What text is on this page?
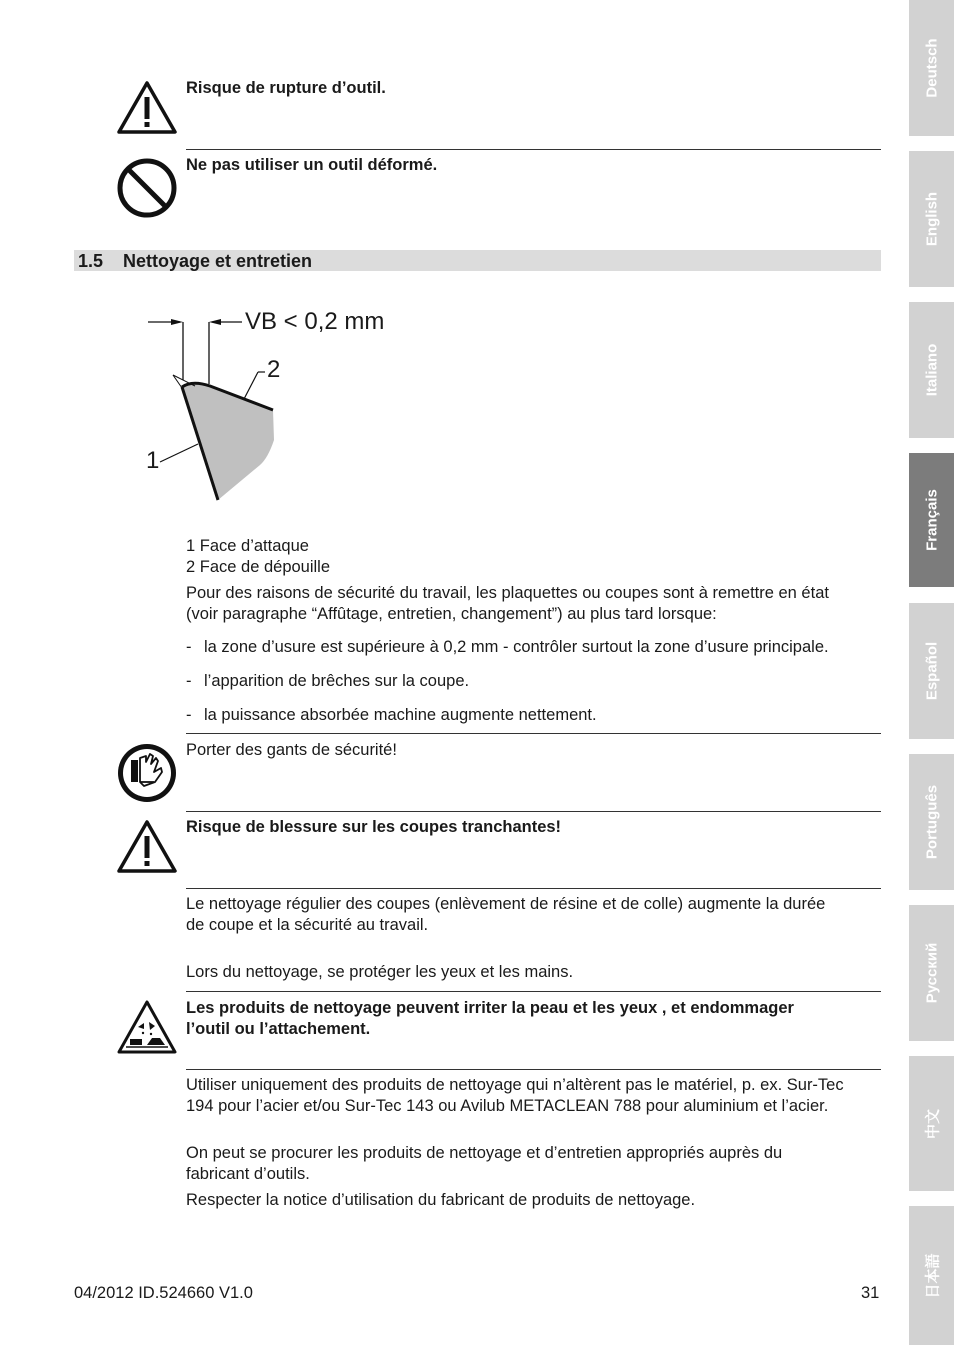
Deutsch
English
Italiano
Français
Español
Português
Русский
中文
日本語
Risque de rupture d’outil.
Ne pas utiliser un outil déformé.
1.5 Nettoyage et entretien
VB < 0,2 mm
2
1
1 Face d’attaque
2 Face de dépouille
Pour des raisons de sécurité du travail, les plaquettes ou coupes sont à remettre en état
(voir paragraphe “Affûtage, entretien, changement”) au plus tard lorsque:
- la zone d’usure est supérieure à 0,2 mm - contrôler surtout la zone d’usure principale.
- l’apparition de brêches sur la coupe.
- la puissance absorbée machine augmente nettement.
Porter des gants de sécurité!
Risque de blessure sur les coupes tranchantes!
Le nettoyage régulier des coupes (enlèvement de résine et de colle) augmente la durée
de coupe et la sécurité au travail.
Lors du nettoyage, se protéger les yeux et les mains.
Les produits de nettoyage peuvent irriter la peau et les yeux , et endommager
l’outil ou l’attachement.
Utiliser uniquement des produits de nettoyage qui n’altèrent pas le matériel, p. ex. Sur-Tec
194 pour l’acier et/ou Sur-Tec 143 ou Avilub METACLEAN 788 pour aluminium et l’acier.
On peut se procurer les produits de nettoyage et d’entretien appropriés auprès du
fabricant d’outils.
Respecter la notice d’utilisation du fabricant de produits de nettoyage.
04/2012 ID.524660 V1.0	31
